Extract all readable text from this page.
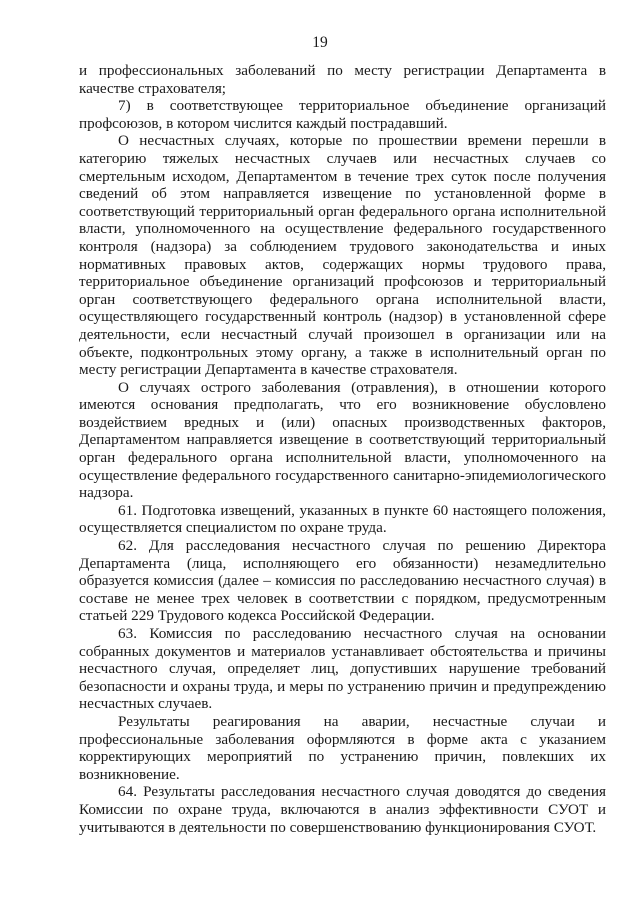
19

и профессиональных заболеваний по месту регистрации Департамента в качестве страхователя;

7) в соответствующее территориальное объединение организаций профсоюзов, в котором числится каждый пострадавший.

О несчастных случаях, которые по прошествии времени перешли в категорию тяжелых несчастных случаев или несчастных случаев со смертельным исходом, Департаментом в течение трех суток после получения сведений об этом направляется извещение по установленной форме в соответствующий территориальный орган федерального органа исполнительной власти, уполномоченного на осуществление федерального государственного контроля (надзора) за соблюдением трудового законодательства и иных нормативных правовых актов, содержащих нормы трудового права, территориальное объединение организаций профсоюзов и территориальный орган соответствующего федерального органа исполнительной власти, осуществляющего государственный контроль (надзор) в установленной сфере деятельности, если несчастный случай произошел в организации или на объекте, подконтрольных этому органу, а также в исполнительный орган по месту регистрации Департамента в качестве страхователя.

О случаях острого заболевания (отравления), в отношении которого имеются основания предполагать, что его возникновение обусловлено воздействием вредных и (или) опасных производственных факторов, Департаментом направляется извещение в соответствующий территориальный орган федерального органа исполнительной власти, уполномоченного на осуществление федерального государственного санитарно-эпидемиологического надзора.

61. Подготовка извещений, указанных в пункте 60 настоящего положения, осуществляется специалистом по охране труда.

62. Для расследования несчастного случая по решению Директора Департамента (лица, исполняющего его обязанности) незамедлительно образуется комиссия (далее – комиссия по расследованию несчастного случая) в составе не менее трех человек в соответствии с порядком, предусмотренным статьей 229 Трудового кодекса Российской Федерации.

63. Комиссия по расследованию несчастного случая на основании собранных документов и материалов устанавливает обстоятельства и причины несчастного случая, определяет лиц, допустивших нарушение требований безопасности и охраны труда, и меры по устранению причин и предупреждению несчастных случаев.

Результаты реагирования на аварии, несчастные случаи и профессиональные заболевания оформляются в форме акта с указанием корректирующих мероприятий по устранению причин, повлекших их возникновение.

64. Результаты расследования несчастного случая доводятся до сведения Комиссии по охране труда, включаются в анализ эффективности СУОТ и учитываются в деятельности по совершенствованию функционирования СУОТ.
